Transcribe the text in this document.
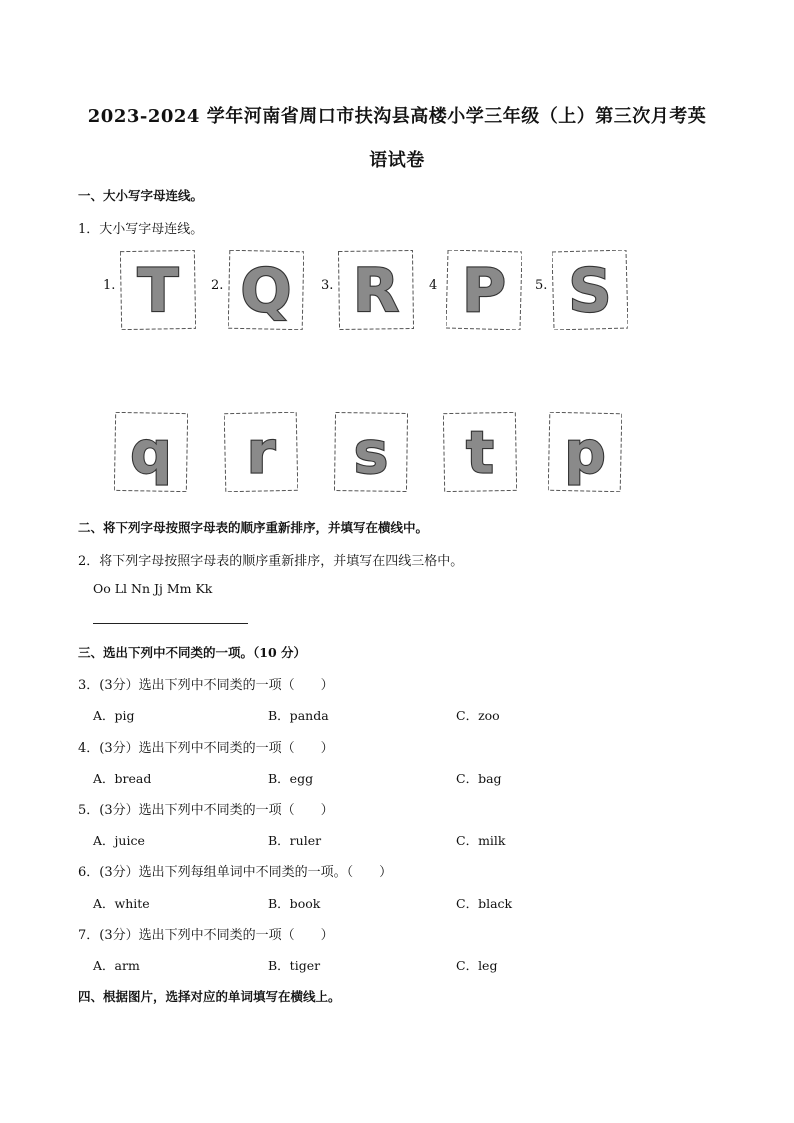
2023-2024 学年河南省周口市扶沟县高楼小学三年级（上）第三次月考英
语试卷
一、大小写字母连线。
1．大小写字母连线。
1. T	2. Q 3. R 4 P 5. S
q r s t p
二、将下列字母按照字母表的顺序重新排序，并填写在横线中。
2．将下列字母按照字母表的顺序重新排序，并填写在四线三格中。
Oo Ll Nn Jj Mm Kk
三、选出下列中不同类的一项。（10 分）
3．(3分）选出下列中不同类的一项（　　）
A．pig	B．panda	C．zoo
4．(3分）选出下列中不同类的一项（　　）
A．bread	B．egg	C．bag
5．(3分）选出下列中不同类的一项（　　）
A．juice	B．ruler	C．milk
6．(3分）选出下列每组单词中不同类的一项。（　　）
A．white	B．book	C．black
7．(3分）选出下列中不同类的一项（　　）
A．arm	B．tiger	C．leg
四、根据图片，选择对应的单词填写在横线上。
